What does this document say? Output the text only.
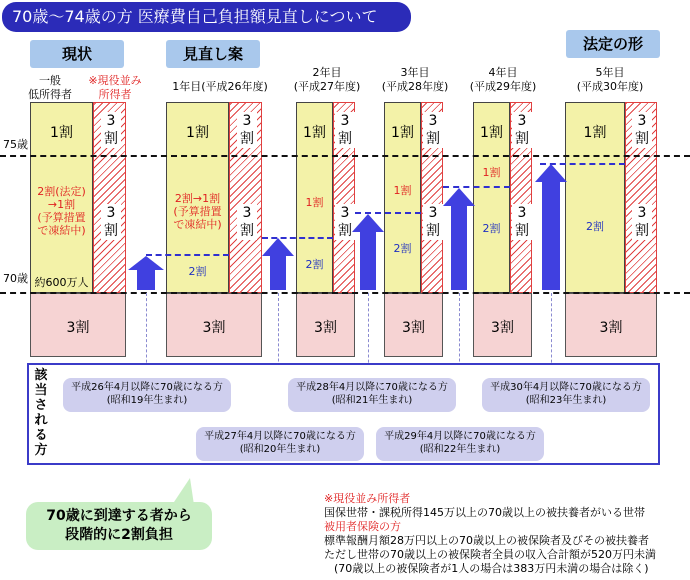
70歳～74歳の方 医療費自己負担額見直しについて
現状	見直し案
法定の形
一般
低所得者
※現役並み
所得者
1年目(平成26年度)
2年目
(平成27年度)
3年目
(平成28年度)
4年目
(平成29年度)
5年目
(平成30年度)
75歳
70歳
1割
2割(法定)
→1割
(予算措置
で凍結中)
約600万人
3
割
3
割
3割
1割
2割→1割
(予算措置
で凍結中)
2割
3
割
3
割
3割
1割
1割
2割
3
割
3
割
3割
1割
1割
2割
3
割
3
割
3割
1割
1割
2割
3
割
3
割
3割
1割
2割
3
割
3
割
3割
該
当
さ
れ
る
方
平成26年4月以降に70歳になる方
(昭和19年生まれ)
平成27年4月以降に70歳になる方
(昭和20年生まれ)
平成28年4月以降に70歳になる方
(昭和21年生まれ)
平成29年4月以降に70歳になる方
(昭和22年生まれ)
平成30年4月以降に70歳になる方
(昭和23年生まれ)
70歳に到達する者から
段階的に2割負担
※現役並み所得者
国保世帯・課税所得145万以上の70歳以上の被扶養者がいる世帯
被用者保険の方
標準報酬月額28万円以上の70歳以上の被保険者及びその被扶養者
ただし世帯の70歳以上の被保険者全員の収入合計額が520万円未満
(70歳以上の被保険者が1人の場合は383万円未満の場合は除く)
